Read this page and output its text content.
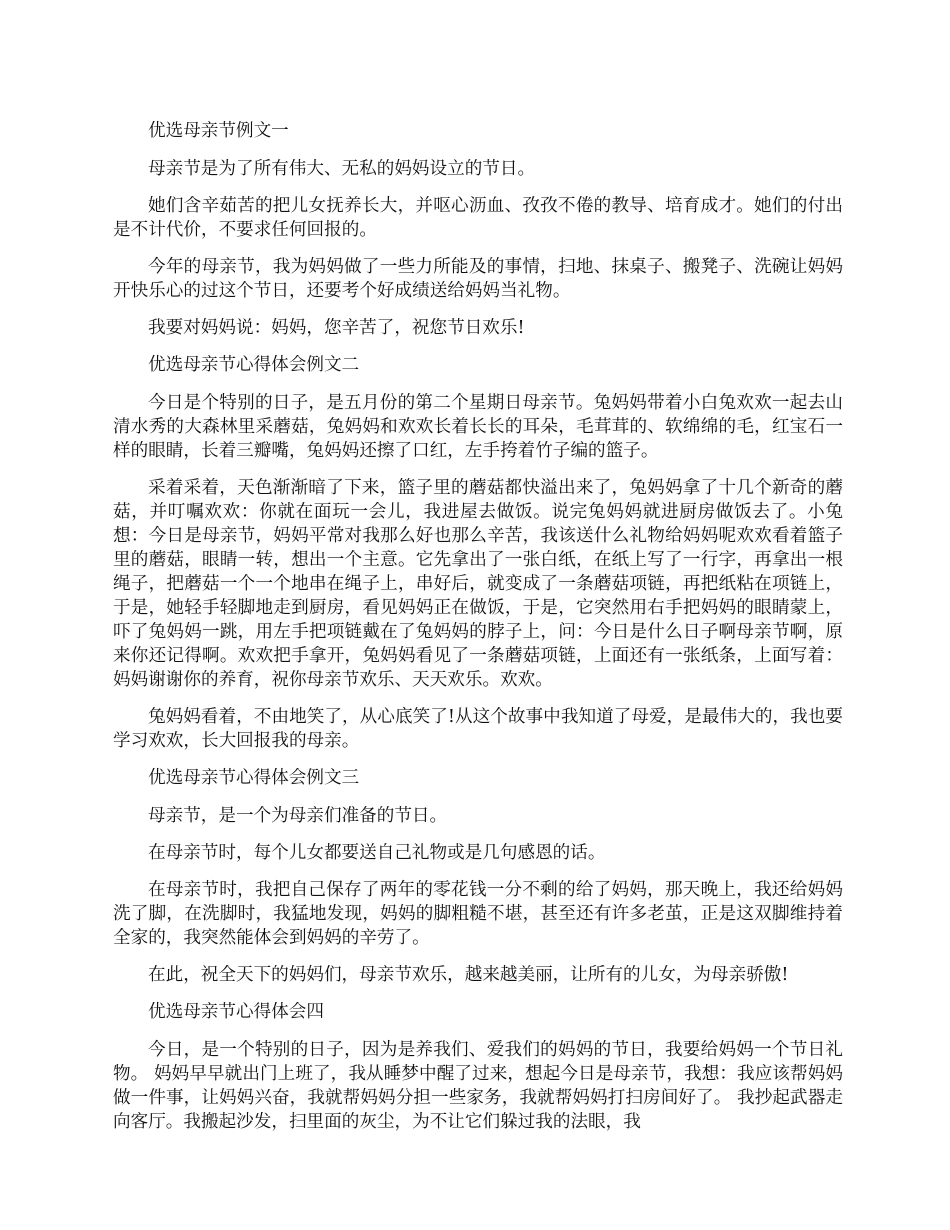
优选母亲节例文一

母亲节是为了所有伟大、无私的妈妈设立的节日。

她们含辛茹苦的把儿女抚养长大，并呕心沥血、孜孜不倦的教导、培育成才。她们的付出是不计代价，不要求任何回报的。

今年的母亲节，我为妈妈做了一些力所能及的事情，扫地、抹桌子、搬凳子、洗碗让妈妈开快乐心的过这个节日，还要考个好成绩送给妈妈当礼物。

我要对妈妈说：妈妈，您辛苦了，祝您节日欢乐!

优选母亲节心得体会例文二

今日是个特别的日子，是五月份的第二个星期日母亲节。兔妈妈带着小白兔欢欢一起去山清水秀的大森林里采蘑菇，兔妈妈和欢欢长着长长的耳朵，毛茸茸的、软绵绵的毛，红宝石一样的眼睛，长着三瓣嘴，兔妈妈还擦了口红，左手挎着竹子编的篮子。

采着采着，天色渐渐暗了下来，篮子里的蘑菇都快溢出来了，兔妈妈拿了十几个新奇的蘑菇，并叮嘱欢欢：你就在面玩一会儿，我进屋去做饭。说完兔妈妈就进厨房做饭去了。小兔想：今日是母亲节，妈妈平常对我那么好也那么辛苦，我该送什么礼物给妈妈呢欢欢看着篮子里的蘑菇，眼睛一转，想出一个主意。它先拿出了一张白纸，在纸上写了一行字，再拿出一根绳子，把蘑菇一个一个地串在绳子上，串好后，就变成了一条蘑菇项链，再把纸粘在项链上，于是，她轻手轻脚地走到厨房，看见妈妈正在做饭，于是，它突然用右手把妈妈的眼睛蒙上，吓了兔妈妈一跳，用左手把项链戴在了兔妈妈的脖子上，问：今日是什么日子啊母亲节啊，原来你还记得啊。欢欢把手拿开，兔妈妈看见了一条蘑菇项链，上面还有一张纸条，上面写着：妈妈谢谢你的养育，祝你母亲节欢乐、天天欢乐。欢欢。

兔妈妈看着，不由地笑了，从心底笑了!从这个故事中我知道了母爱，是最伟大的，我也要学习欢欢，长大回报我的母亲。

优选母亲节心得体会例文三

母亲节，是一个为母亲们准备的节日。

在母亲节时，每个儿女都要送自己礼物或是几句感恩的话。

在母亲节时，我把自己保存了两年的零花钱一分不剩的给了妈妈，那天晚上，我还给妈妈洗了脚，在洗脚时，我猛地发现，妈妈的脚粗糙不堪，甚至还有许多老茧，正是这双脚维持着全家的，我突然能体会到妈妈的辛劳了。

在此，祝全天下的妈妈们，母亲节欢乐，越来越美丽，让所有的儿女，为母亲骄傲!

优选母亲节心得体会四

今日，是一个特别的日子，因为是养我们、爱我们的妈妈的节日，我要给妈妈一个节日礼物。 妈妈早早就出门上班了，我从睡梦中醒了过来，想起今日是母亲节，我想：我应该帮妈妈做一件事，让妈妈兴奋，我就帮妈妈分担一些家务，我就帮妈妈打扫房间好了。 我抄起武器走向客厅。我搬起沙发，扫里面的灰尘，为不让它们躲过我的法眼，我
